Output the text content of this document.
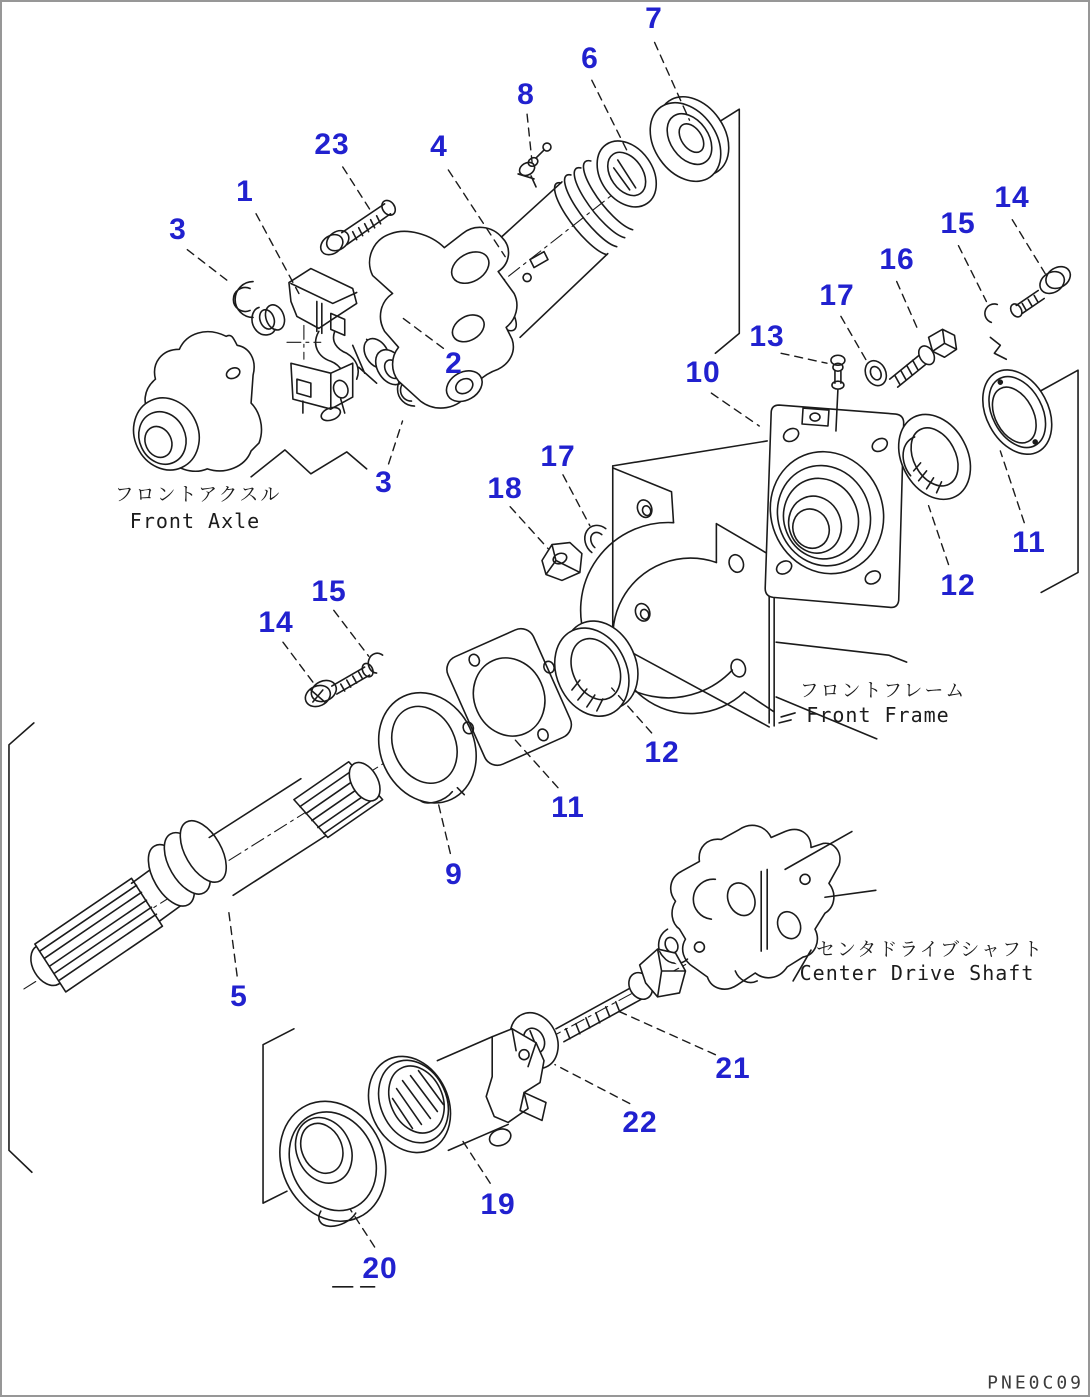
7
6
8
4
23
1
3
2
3
14
15
16
17
13
10
17
18
11
12
15
14
12
11
9
5
21
22
19
20
フロントアクスル
Front Axle
フロントフレーム
Front Frame
センタドライブシャフト
Center Drive Shaft
PNE0C09
